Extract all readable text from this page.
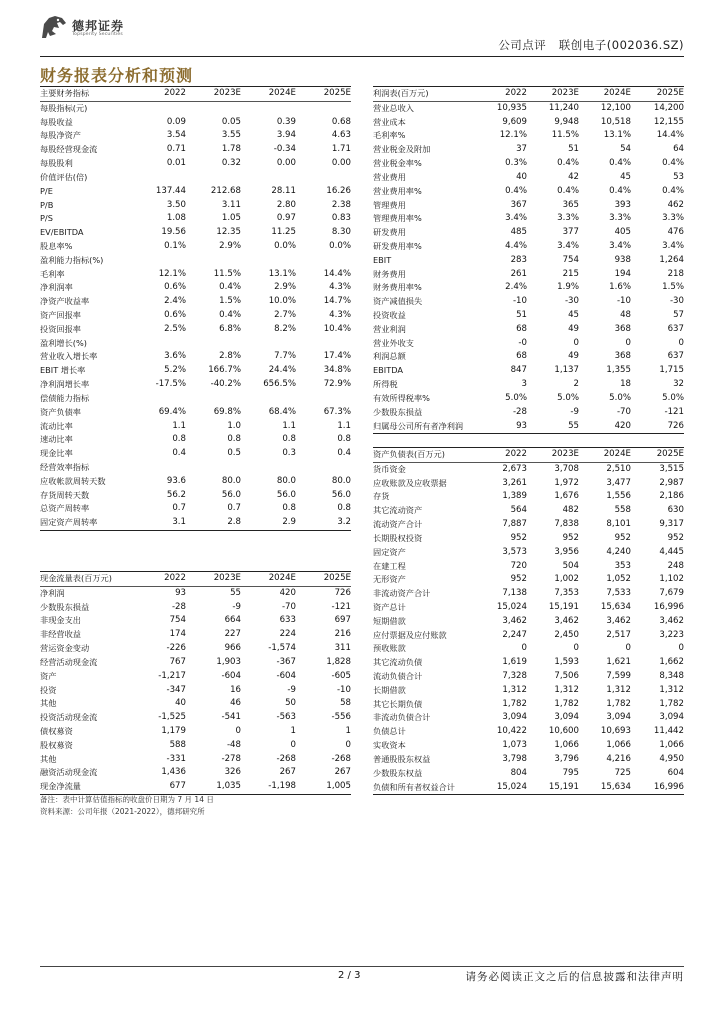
德邦证券
Topsperity Securities
公司点评 联创电子(002036.SZ)
财务报表分析和预测
主要财务指标	2022	2023E	2024E	2025E
每股指标(元)				
每股收益	0.09	0.05	0.39	0.68
每股净资产	3.54	3.55	3.94	4.63
每股经营现金流	0.71	1.78	-0.34	1.71
每股股利	0.01	0.32	0.00	0.00
价值评估(倍)				
P/E	137.44	212.68	28.11	16.26
P/B	3.50	3.11	2.80	2.38
P/S	1.08	1.05	0.97	0.83
EV/EBITDA	19.56	12.35	11.25	8.30
股息率%	0.1%	2.9%	0.0%	0.0%
盈利能力指标(%)				
毛利率	12.1%	11.5%	13.1%	14.4%
净利润率	0.6%	0.4%	2.9%	4.3%
净资产收益率	2.4%	1.5%	10.0%	14.7%
资产回报率	0.6%	0.4%	2.7%	4.3%
投资回报率	2.5%	6.8%	8.2%	10.4%
盈利增长(%)				
营业收入增长率	3.6%	2.8%	7.7%	17.4%
EBIT 增长率	5.2%	166.7%	24.4%	34.8%
净利润增长率	-17.5%	-40.2%	656.5%	72.9%
偿债能力指标				
资产负债率	69.4%	69.8%	68.4%	67.3%
流动比率	1.1	1.0	1.1	1.1
速动比率	0.8	0.8	0.8	0.8
现金比率	0.4	0.5	0.3	0.4
经营效率指标				
应收帐款周转天数	93.6	80.0	80.0	80.0
存货周转天数	56.2	56.0	56.0	56.0
总资产周转率	0.7	0.7	0.8	0.8
固定资产周转率	3.1	2.8	2.9	3.2
现金流量表(百万元)	2022	2023E	2024E	2025E
净利润	93	55	420	726
少数股东损益	-28	-9	-70	-121
非现金支出	754	664	633	697
非经营收益	174	227	224	216
营运资金变动	-226	966	-1,574	311
经营活动现金流	767	1,903	-367	1,828
资产	-1,217	-604	-604	-605
投资	-347	16	-9	-10
其他	40	46	50	58
投资活动现金流	-1,525	-541	-563	-556
债权募资	1,179	0	1	1
股权募资	588	-48	0	0
其他	-331	-278	-268	-268
融资活动现金流	1,436	326	267	267
现金净流量	677	1,035	-1,198	1,005
利润表(百万元)	2022	2023E	2024E	2025E
营业总收入	10,935	11,240	12,100	14,200
营业成本	9,609	9,948	10,518	12,155
毛利率%	12.1%	11.5%	13.1%	14.4%
营业税金及附加	37	51	54	64
营业税金率%	0.3%	0.4%	0.4%	0.4%
营业费用	40	42	45	53
营业费用率%	0.4%	0.4%	0.4%	0.4%
管理费用	367	365	393	462
管理费用率%	3.4%	3.3%	3.3%	3.3%
研发费用	485	377	405	476
研发费用率%	4.4%	3.4%	3.4%	3.4%
EBIT	283	754	938	1,264
财务费用	261	215	194	218
财务费用率%	2.4%	1.9%	1.6%	1.5%
资产减值损失	-10	-30	-10	-30
投资收益	51	45	48	57
营业利润	68	49	368	637
营业外收支	-0	0	0	0
利润总额	68	49	368	637
EBITDA	847	1,137	1,355	1,715
所得税	3	2	18	32
有效所得税率%	5.0%	5.0%	5.0%	5.0%
少数股东损益	-28	-9	-70	-121
归属母公司所有者净利润	93	55	420	726
资产负债表(百万元)	2022	2023E	2024E	2025E
货币资金	2,673	3,708	2,510	3,515
应收账款及应收票据	3,261	1,972	3,477	2,987
存货	1,389	1,676	1,556	2,186
其它流动资产	564	482	558	630
流动资产合计	7,887	7,838	8,101	9,317
长期股权投资	952	952	952	952
固定资产	3,573	3,956	4,240	4,445
在建工程	720	504	353	248
无形资产	952	1,002	1,052	1,102
非流动资产合计	7,138	7,353	7,533	7,679
资产总计	15,024	15,191	15,634	16,996
短期借款	3,462	3,462	3,462	3,462
应付票据及应付账款	2,247	2,450	2,517	3,223
预收账款	0	0	0	0
其它流动负债	1,619	1,593	1,621	1,662
流动负债合计	7,328	7,506	7,599	8,348
长期借款	1,312	1,312	1,312	1,312
其它长期负债	1,782	1,782	1,782	1,782
非流动负债合计	3,094	3,094	3,094	3,094
负债总计	10,422	10,600	10,693	11,442
实收资本	1,073	1,066	1,066	1,066
普通股股东权益	3,798	3,796	4,216	4,950
少数股东权益	804	795	725	604
负债和所有者权益合计	15,024	15,191	15,634	16,996
备注：表中计算估值指标的收盘价日期为 7 月 14 日
资料来源：公司年报（2021-2022），德邦研究所
2 / 3	请务必阅读正文之后的信息披露和法律声明
